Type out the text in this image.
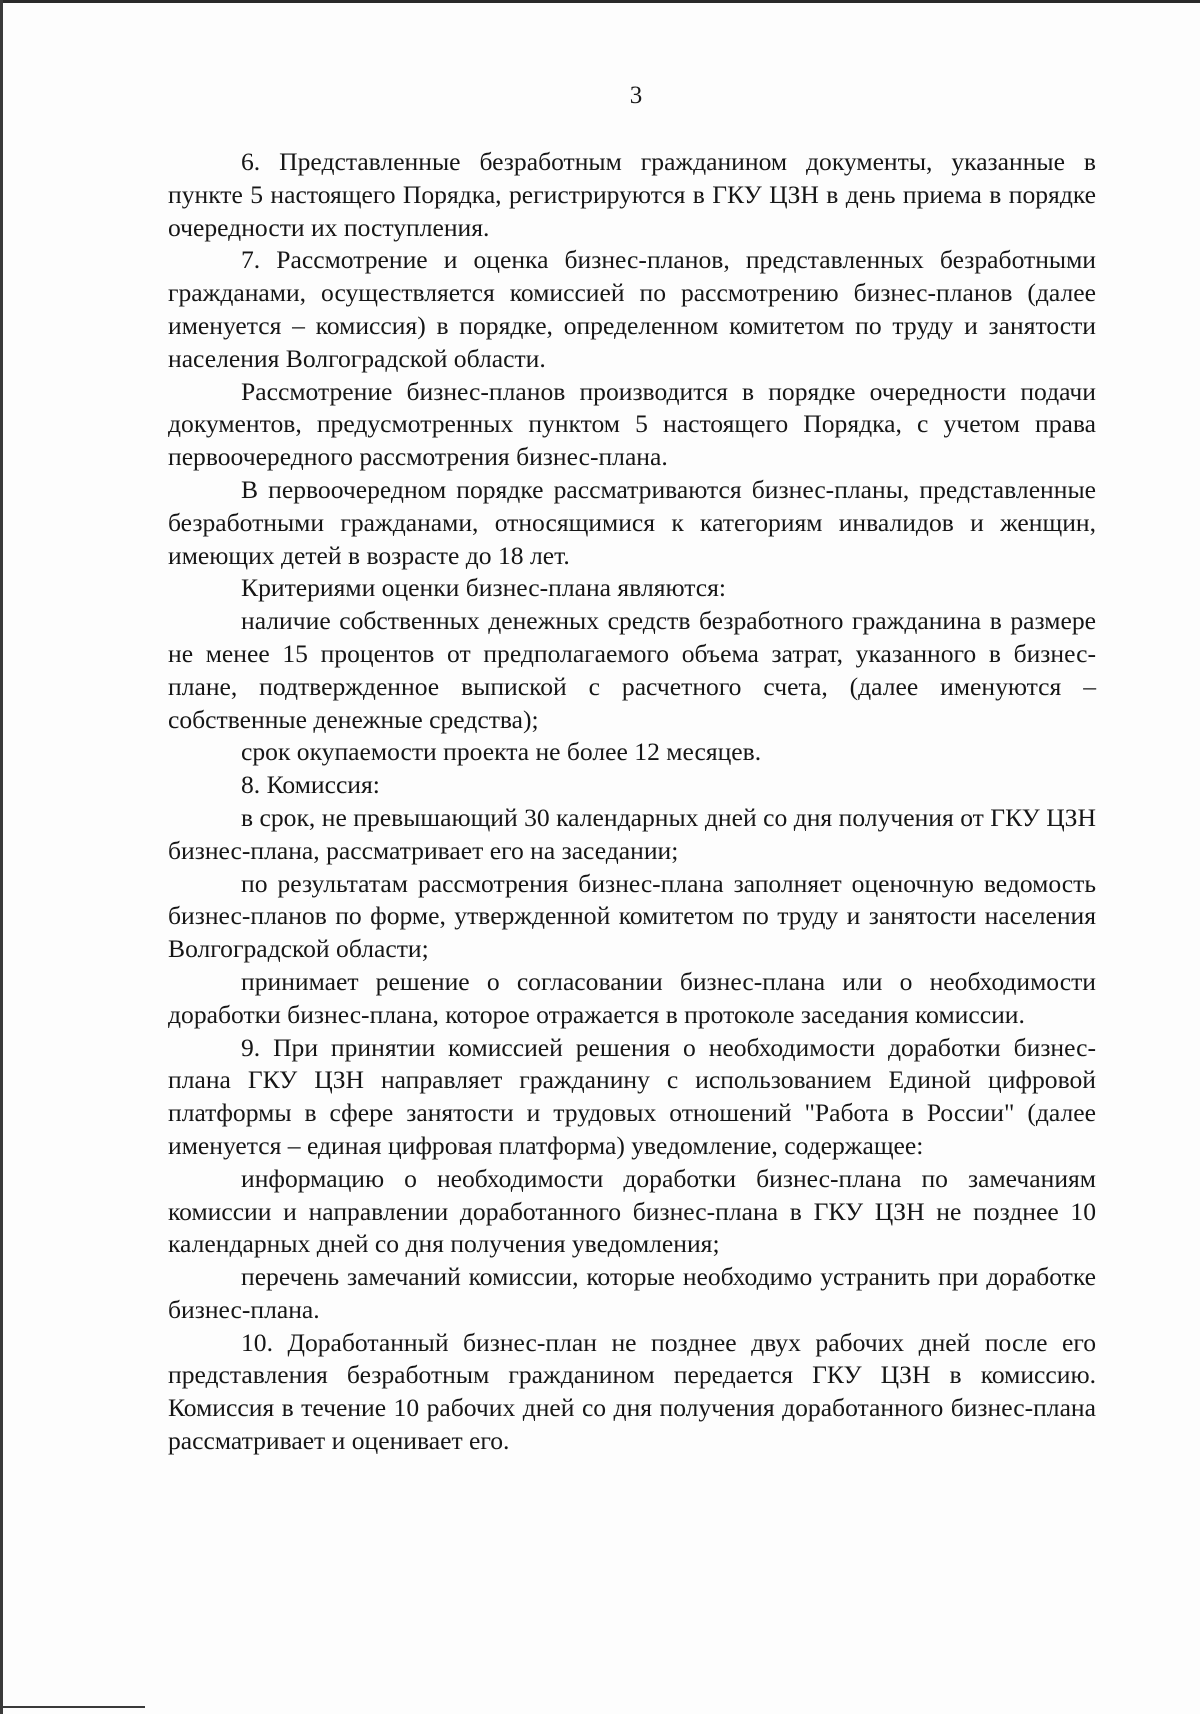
3

6. Представленные безработным гражданином документы, указанные в пункте 5 настоящего Порядка, регистрируются в ГКУ ЦЗН в день приема в порядке очередности их поступления.

7. Рассмотрение и оценка бизнес-планов, представленных безработными гражданами, осуществляется комиссией по рассмотрению бизнес-планов (далее именуется – комиссия) в порядке, определенном комитетом по труду и занятости населения Волгоградской области.

Рассмотрение бизнес-планов производится в порядке очередности подачи документов, предусмотренных пунктом 5 настоящего Порядка, с учетом права первоочередного рассмотрения бизнес-плана.

В первоочередном порядке рассматриваются бизнес-планы, представленные безработными гражданами, относящимися к категориям инвалидов и женщин, имеющих детей в возрасте до 18 лет.

Критериями оценки бизнес-плана являются:

наличие собственных денежных средств безработного гражданина в размере не менее 15 процентов от предполагаемого объема затрат, указанного в бизнес-плане, подтвержденное выпиской с расчетного счета, (далее именуются – собственные денежные средства);

срок окупаемости проекта не более 12 месяцев.

8. Комиссия:

в срок, не превышающий 30 календарных дней со дня получения от ГКУ ЦЗН бизнес-плана, рассматривает его на заседании;

по результатам рассмотрения бизнес-плана заполняет оценочную ведомость бизнес-планов по форме, утвержденной комитетом по труду и занятости населения Волгоградской области;

принимает решение о согласовании бизнес-плана или о необходимости доработки бизнес-плана, которое отражается в протоколе заседания комиссии.

9. При принятии комиссией решения о необходимости доработки бизнес-плана ГКУ ЦЗН направляет гражданину с использованием Единой цифровой платформы в сфере занятости и трудовых отношений "Работа в России" (далее именуется – единая цифровая платформа) уведомление, содержащее:

информацию о необходимости доработки бизнес-плана по замечаниям комиссии и направлении доработанного бизнес-плана в ГКУ ЦЗН не позднее 10 календарных дней со дня получения уведомления;

перечень замечаний комиссии, которые необходимо устранить при доработке бизнес-плана.

10. Доработанный бизнес-план не позднее двух рабочих дней после его представления безработным гражданином передается ГКУ ЦЗН в комиссию. Комиссия в течение 10 рабочих дней со дня получения доработанного бизнес-плана рассматривает и оценивает его.
